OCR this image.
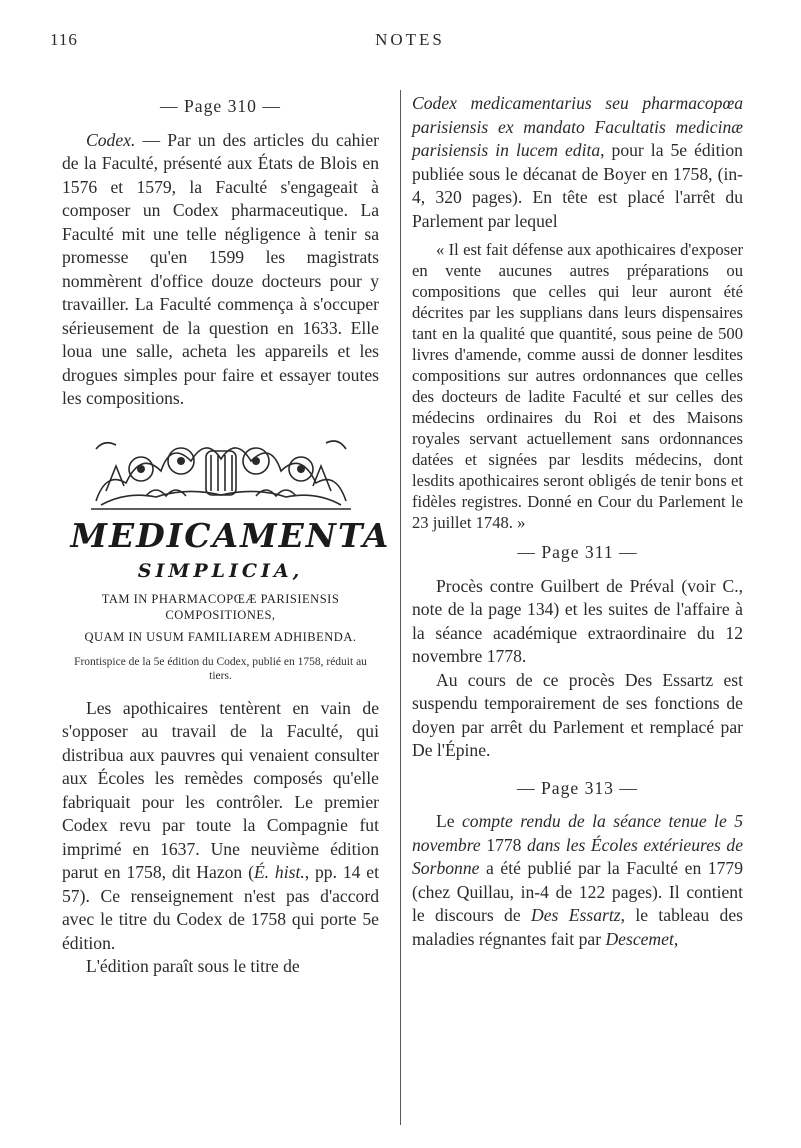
116	NOTES
— Page 310 —

Codex. — Par un des articles du cahier de la Faculté, présenté aux États de Blois en 1576 et 1579, la Faculté s'engageait à composer un Codex pharmaceutique. La Faculté mit une telle négligence à tenir sa promesse qu'en 1599 les magistrats nommèrent d'office douze docteurs pour y travailler. La Faculté commença à s'occuper sérieusement de la question en 1633. Elle loua une salle, acheta les appareils et les drogues simples pour faire et essayer toutes les compositions.

MEDICAMENTA
SIMPLICIA,
TAM IN PHARMACOPŒÆ PARISIENSIS
COMPOSITIONES,
QUAM IN USUM FAMILIAREM ADHIBENDA.

Frontispice de la 5e édition du Codex, publié en 1758, réduit au tiers.

Les apothicaires tentèrent en vain de s'opposer au travail de la Faculté, qui distribua aux pauvres qui venaient consulter aux Écoles les remèdes composés qu'elle fabriquait pour les contrôler. Le premier Codex revu par toute la Compagnie fut imprimé en 1637. Une neuvième édition parut en 1758, dit Hazon (É. hist., pp. 14 et 57). Ce renseignement n'est pas d'accord avec le titre du Codex de 1758 qui porte 5e édition.

L'édition paraît sous le titre de

Codex medicamentarius seu pharmacopœa parisiensis ex mandato Facultatis medicinæ parisiensis in lucem edita, pour la 5e édition publiée sous le décanat de Boyer en 1758, (in-4, 320 pages). En tête est placé l'arrêt du Parlement par lequel

« Il est fait défense aux apothicaires d'exposer en vente aucunes autres préparations ou compositions que celles qui leur auront été décrites par les supplians dans leurs dispensaires tant en la qualité que quantité, sous peine de 500 livres d'amende, comme aussi de donner lesdites compositions sur autres ordonnances que celles des docteurs de ladite Faculté et sur celles des médecins ordinaires du Roi et des Maisons royales servant actuellement sans ordonnances datées et signées par lesdits médecins, dont lesdits apothicaires seront obligés de tenir bons et fidèles registres. Donné en Cour du Parlement le 23 juillet 1748. »

— Page 311 —

Procès contre Guilbert de Préval (voir C., note de la page 134) et les suites de l'affaire à la séance académique extraordinaire du 12 novembre 1778.

Au cours de ce procès Des Essartz est suspendu temporairement de ses fonctions de doyen par arrêt du Parlement et remplacé par De l'Épine.

— Page 313 —

Le compte rendu de la séance tenue le 5 novembre 1778 dans les Écoles extérieures de Sorbonne a été publié par la Faculté en 1779 (chez Quillau, in-4 de 122 pages). Il contient le discours de Des Essartz, le tableau des maladies régnantes fait par Descemet,
